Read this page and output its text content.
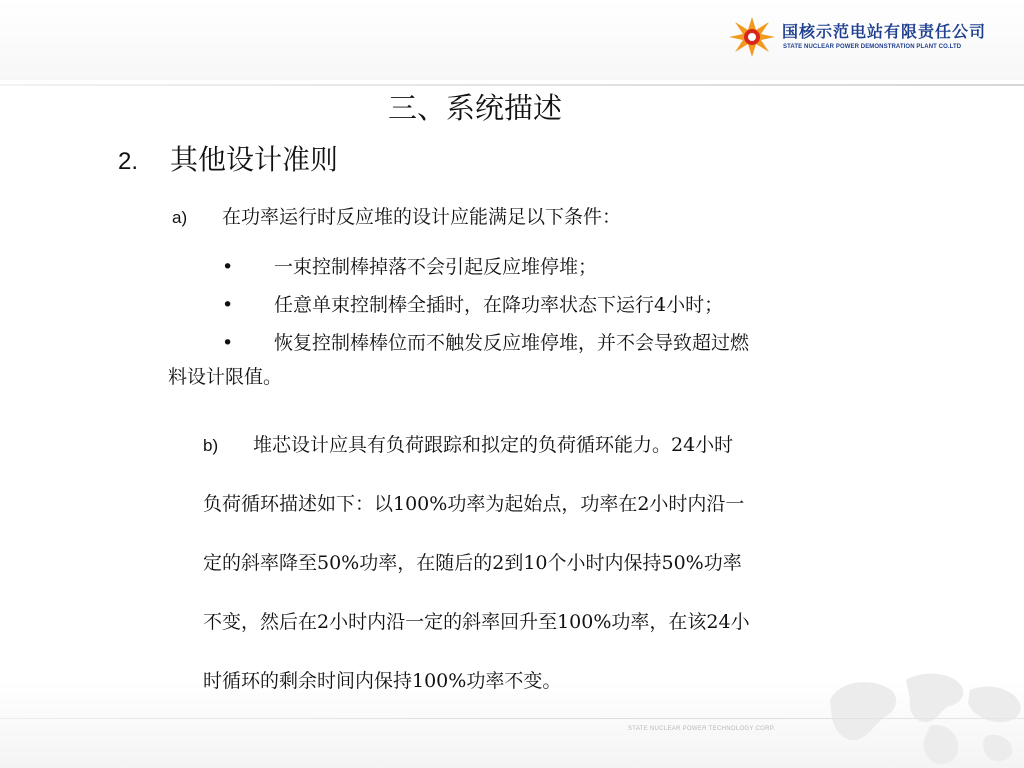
国核示范电站有限责任公司
STATE NUCLEAR POWER DEMONSTRATION PLANT CO.LTD
三、系统描述
2. 其他设计准则
a) 在功率运行时反应堆的设计应能满足以下条件：
• 一束控制棒掉落不会引起反应堆停堆；
• 任意单束控制棒全插时，在降功率状态下运行4小时；
• 恢复控制棒棒位而不触发反应堆停堆，并不会导致超过燃
料设计限值。
b) 堆芯设计应具有负荷跟踪和拟定的负荷循环能力。24小时
负荷循环描述如下：以100%功率为起始点，功率在2小时内沿一
定的斜率降至50%功率，在随后的2到10个小时内保持50%功率
不变，然后在2小时内沿一定的斜率回升至100%功率，在该24小
时循环的剩余时间内保持100%功率不变。
STATE NUCLEAR POWER TECHNOLOGY CORP.
